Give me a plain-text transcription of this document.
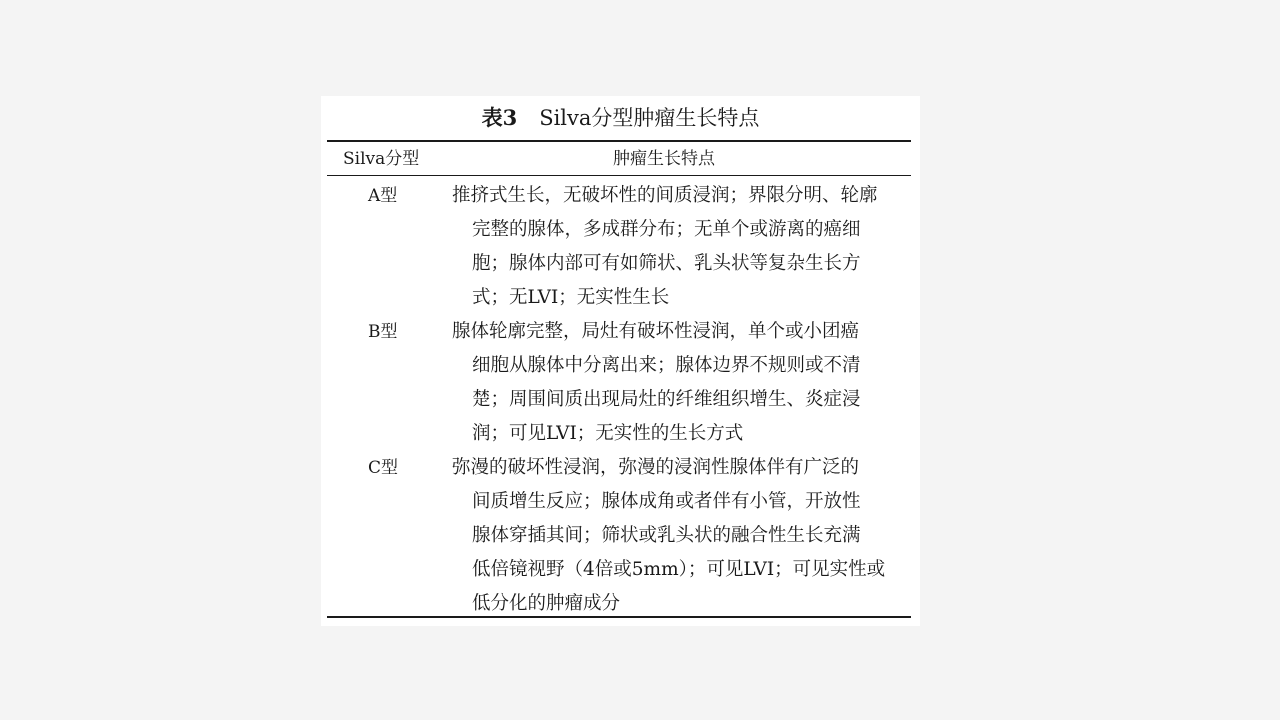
表3 Silva分型肿瘤生长特点
Silva分型	肿瘤生长特点
A型	推挤式生长，无破坏性的间质浸润；界限分明、轮廓
完整的腺体，多成群分布；无单个或游离的癌细
胞；腺体内部可有如筛状、乳头状等复杂生长方
式；无LVI；无实性生长
B型	腺体轮廓完整，局灶有破坏性浸润，单个或小团癌
细胞从腺体中分离出来；腺体边界不规则或不清
楚；周围间质出现局灶的纤维组织增生、炎症浸
润；可见LVI；无实性的生长方式
C型	弥漫的破坏性浸润，弥漫的浸润性腺体伴有广泛的
间质增生反应；腺体成角或者伴有小管，开放性
腺体穿插其间；筛状或乳头状的融合性生长充满
低倍镜视野（4倍或5mm）；可见LVI；可见实性或
低分化的肿瘤成分
